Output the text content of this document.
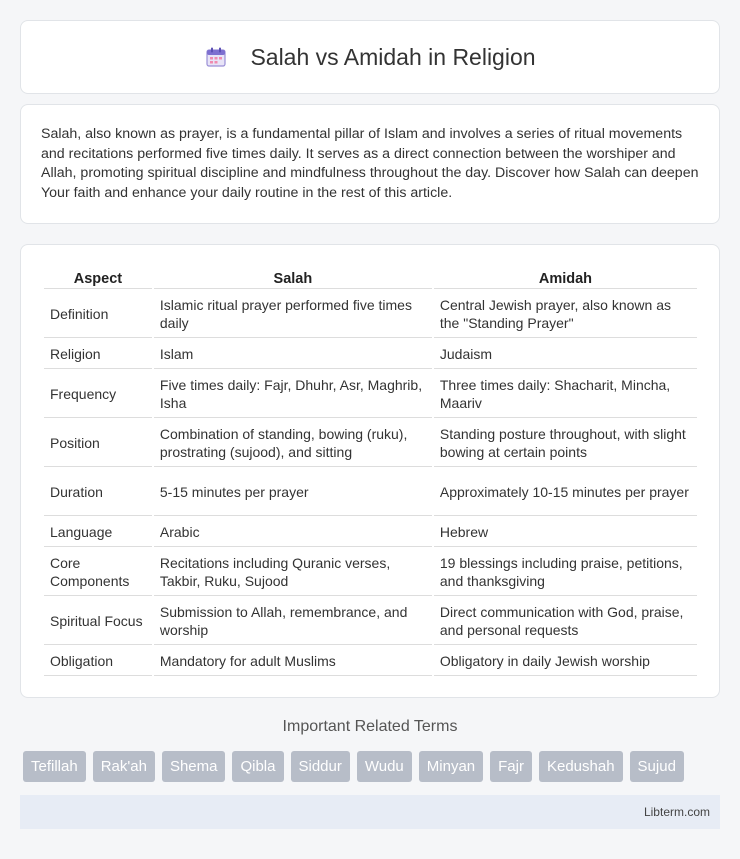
Salah vs Amidah in Religion

Salah, also known as prayer, is a fundamental pillar of Islam and involves a series of ritual movements and recitations performed five times daily. It serves as a direct connection between the worshiper and Allah, promoting spiritual discipline and mindfulness throughout the day. Discover how Salah can deepen Your faith and enhance your daily routine in the rest of this article.

Aspect	Salah	Amidah
Definition	Islamic ritual prayer performed five times daily	Central Jewish prayer, also known as the "Standing Prayer"
Religion	Islam	Judaism
Frequency	Five times daily: Fajr, Dhuhr, Asr, Maghrib, Isha	Three times daily: Shacharit, Mincha, Maariv
Position	Combination of standing, bowing (ruku), prostrating (sujood), and sitting	Standing posture throughout, with slight bowing at certain points
Duration	5-15 minutes per prayer	Approximately 10-15 minutes per prayer
Language	Arabic	Hebrew
Core Components	Recitations including Quranic verses, Takbir, Ruku, Sujood	19 blessings including praise, petitions, and thanksgiving
Spiritual Focus	Submission to Allah, remembrance, and worship	Direct communication with God, praise, and personal requests
Obligation	Mandatory for adult Muslims	Obligatory in daily Jewish worship
Important Related Terms
Tefillah	Rak'ah	Shema	Qibla	Siddur	Wudu	Minyan	Fajr	Kedushah	Sujud
Libterm.com
